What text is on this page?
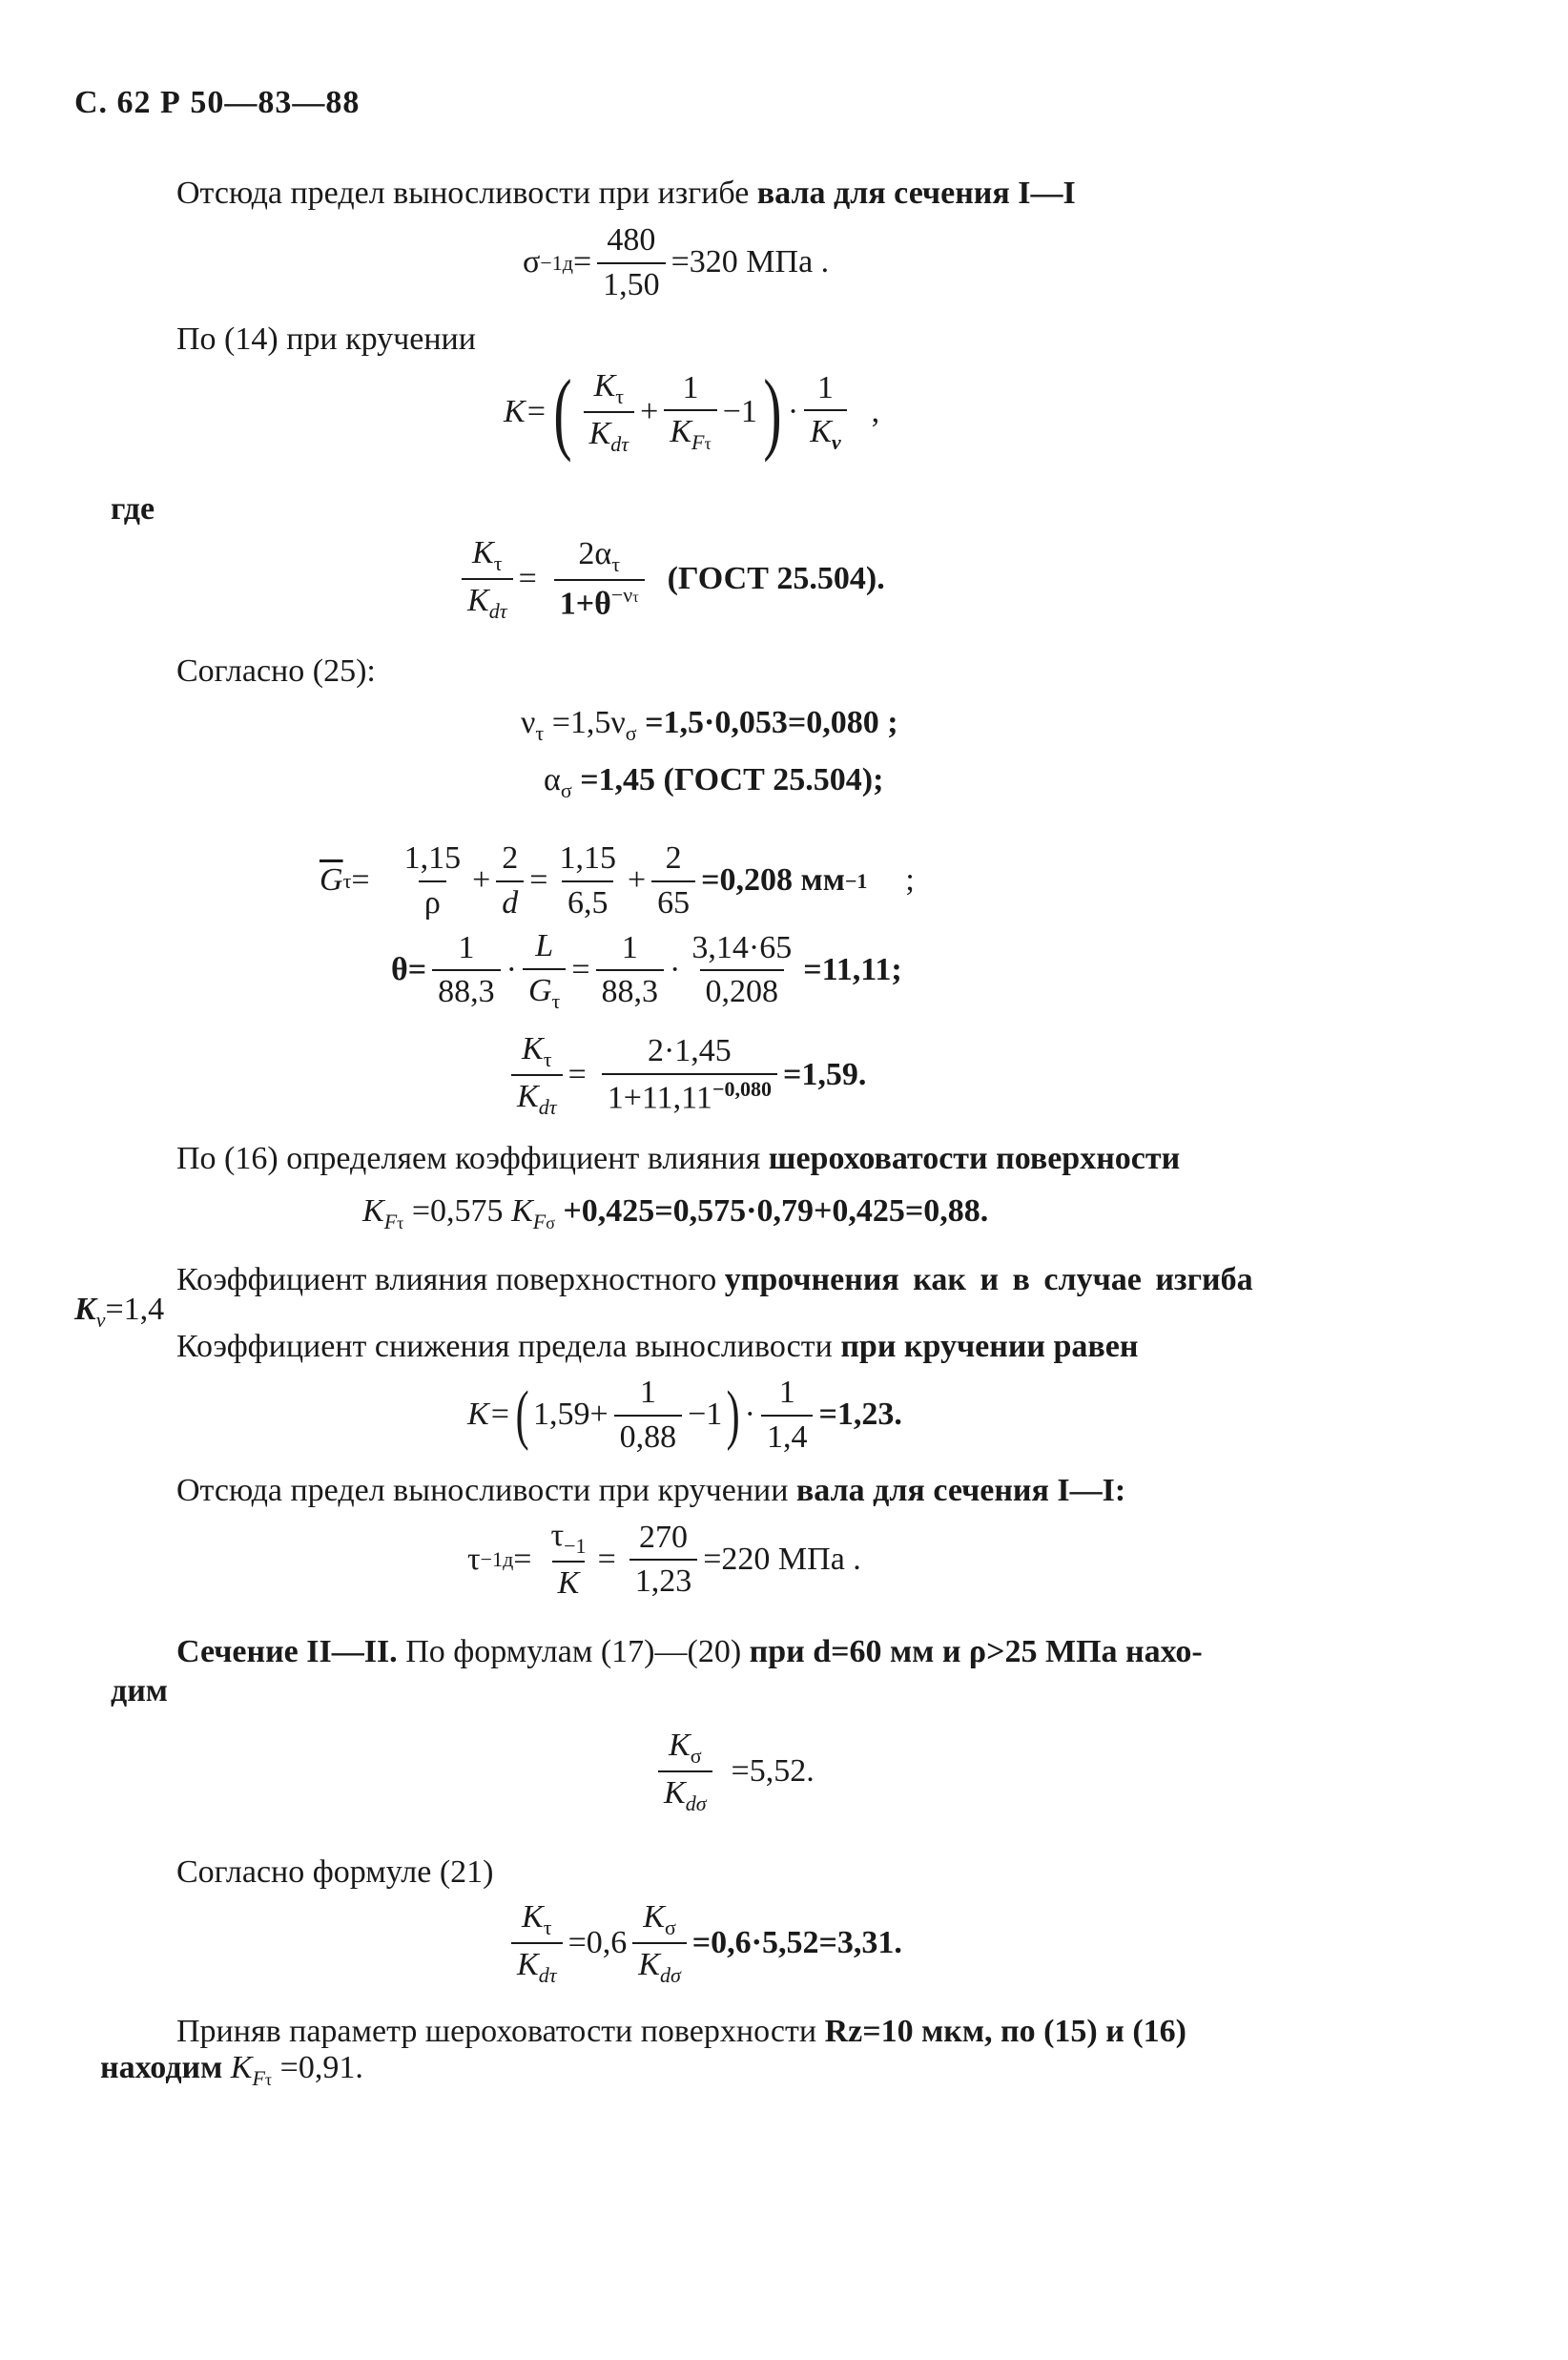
С. 62 Р 50—83—88
Отсюда предел выносливости при изгибе вала для сечения I—I
$\sigma -1д = \frac{480}{1,50} =320$ МПа .
По (14) при кручении
K= ( $\frac{K_\tau}{K_{d\tau}} + \frac{1}{K_{F\tau}} -1$ ) · $\frac{1}{K_v}$ ,
где
$\frac{K_\tau}{K_{d\tau}} = \frac{2\alpha_\tau}{1+\theta^{-\nu\tau}}$ (ГОСТ 25.504).
Согласно (25):
$\nu_\tau =1,5\nu_\sigma =1,5\cdot 0,053=0,080$ ;
$\alpha_\sigma =1,45$ (ГОСТ 25.504);
$\overline{G}$ $\tau = \frac{1,15}{\rho} + \frac{2}{d} = \frac{1,15}{6,5} + \frac{2}{65} =0,208$ мм −1 ;
$\theta= \frac{1}{88,3} \cdot \frac{L}{G_\tau} = \frac{1}{88,3} \cdot \frac{3,14\cdot 65}{0,208} =11,11$;
$\frac{K_\tau}{K_{d\tau}} = \frac{2\cdot 1,45}{1+11,11^{-0,080}} =1,59$.
По (16) определяем коэффициент влияния шероховатости поверхности
$K_{F\tau} =0,575$ $K_{F\sigma} +0,425=0,575\cdot 0,79+0,425=0,88$.
Коэффициент влияния поверхностного упрочнения как и в случае изгиба
$K_v=1,4$
Коэффициент снижения предела выносливости при кручении равен
K= ( $1,59+ \frac{1}{0,88} -1$ ) · $\frac{1}{1,4} =1,23$.
Отсюда предел выносливости при кручении вала для сечения I—I:
$\tau -1д = \frac{\tau_{-1}}{K} = \frac{270}{1,23} =220$ МПа .
Сечение II—II. По формулам (17)—(20) при d=60 мм и ρ>25 МПа нахо-
дим
$\frac{K_\sigma}{K_{d\sigma}} =5,52$.
Согласно формуле (21)
$\frac{K_\tau}{K_{d\tau}} =0,6 \frac{K_\sigma}{K_{d\sigma}} =0,6\cdot 5,52=3,31$.
Приняв параметр шероховатости поверхности Rz=10 мкм, по (15) и (16)
находим $K_{F\tau} =0,91$.
